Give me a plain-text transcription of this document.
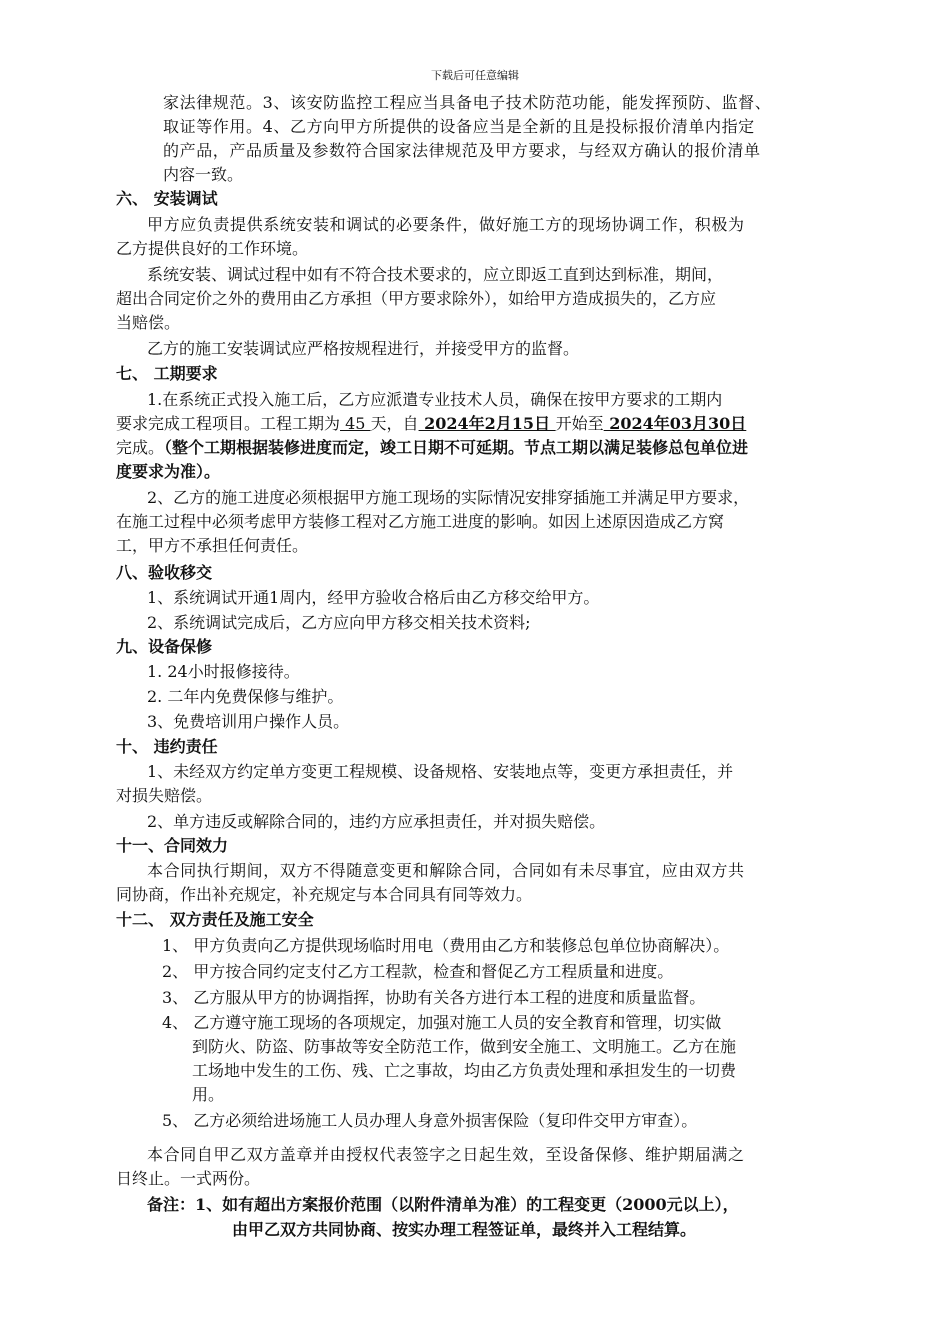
下载后可任意编辑
家法律规范。3、该安防监控工程应当具备电子技术防范功能，能发挥预防、监督、
取证等作用。4、乙方向甲方所提供的设备应当是全新的且是投标报价清单内指定
的产品，产品质量及参数符合国家法律规范及甲方要求，与经双方确认的报价清单
内容一致。
六、 安装调试
甲方应负责提供系统安装和调试的必要条件，做好施工方的现场协调工作，积极为
乙方提供良好的工作环境。
系统安装、调试过程中如有不符合技术要求的，应立即返工直到达到标准，期间，
超出合同定价之外的费用由乙方承担（甲方要求除外），如给甲方造成损失的，乙方应
当赔偿。
乙方的施工安装调试应严格按规程进行，并接受甲方的监督。
七、 工期要求
1.在系统正式投入施工后，乙方应派遣专业技术人员，确保在按甲方要求的工期内
要求完成工程项目。工程工期为 45 天，自 2024年2月15日 开始至 2024年03月30日
完成。（整个工期根据装修进度而定，竣工日期不可延期。节点工期以满足装修总包单位进
度要求为准）。
2、乙方的施工进度必须根据甲方施工现场的实际情况安排穿插施工并满足甲方要求，
在施工过程中必须考虑甲方装修工程对乙方施工进度的影响。如因上述原因造成乙方窝
工，甲方不承担任何责任。
八、验收移交
1、系统调试开通1周内，经甲方验收合格后由乙方移交给甲方。
2、系统调试完成后，乙方应向甲方移交相关技术资料;
九、设备保修
1. 24小时报修接待。
2. 二年内免费保修与维护。
3、免费培训用户操作人员。
十、 违约责任
1、未经双方约定单方变更工程规模、设备规格、安装地点等，变更方承担责任，并
对损失赔偿。
2、单方违反或解除合同的，违约方应承担责任，并对损失赔偿。
十一、合同效力
本合同执行期间，双方不得随意变更和解除合同，合同如有未尽事宜，应由双方共
同协商，作出补充规定，补充规定与本合同具有同等效力。
十二、 双方责任及施工安全
1、 甲方负责向乙方提供现场临时用电（费用由乙方和装修总包单位协商解决）。
2、 甲方按合同约定支付乙方工程款，检查和督促乙方工程质量和进度。
3、 乙方服从甲方的协调指挥，协助有关各方进行本工程的进度和质量监督。
4、 乙方遵守施工现场的各项规定，加强对施工人员的安全教育和管理，切实做
到防火、防盗、防事故等安全防范工作，做到安全施工、文明施工。乙方在施
工场地中发生的工伤、残、亡之事故，均由乙方负责处理和承担发生的一切费
用。
5、 乙方必须给进场施工人员办理人身意外损害保险（复印件交甲方审查）。
本合同自甲乙双方盖章并由授权代表签字之日起生效，至设备保修、维护期届满之
日终止。一式两份。
备注：1、如有超出方案报价范围（以附件清单为准）的工程变更（2000元以上），
由甲乙双方共同协商、按实办理工程签证单，最终并入工程结算。
